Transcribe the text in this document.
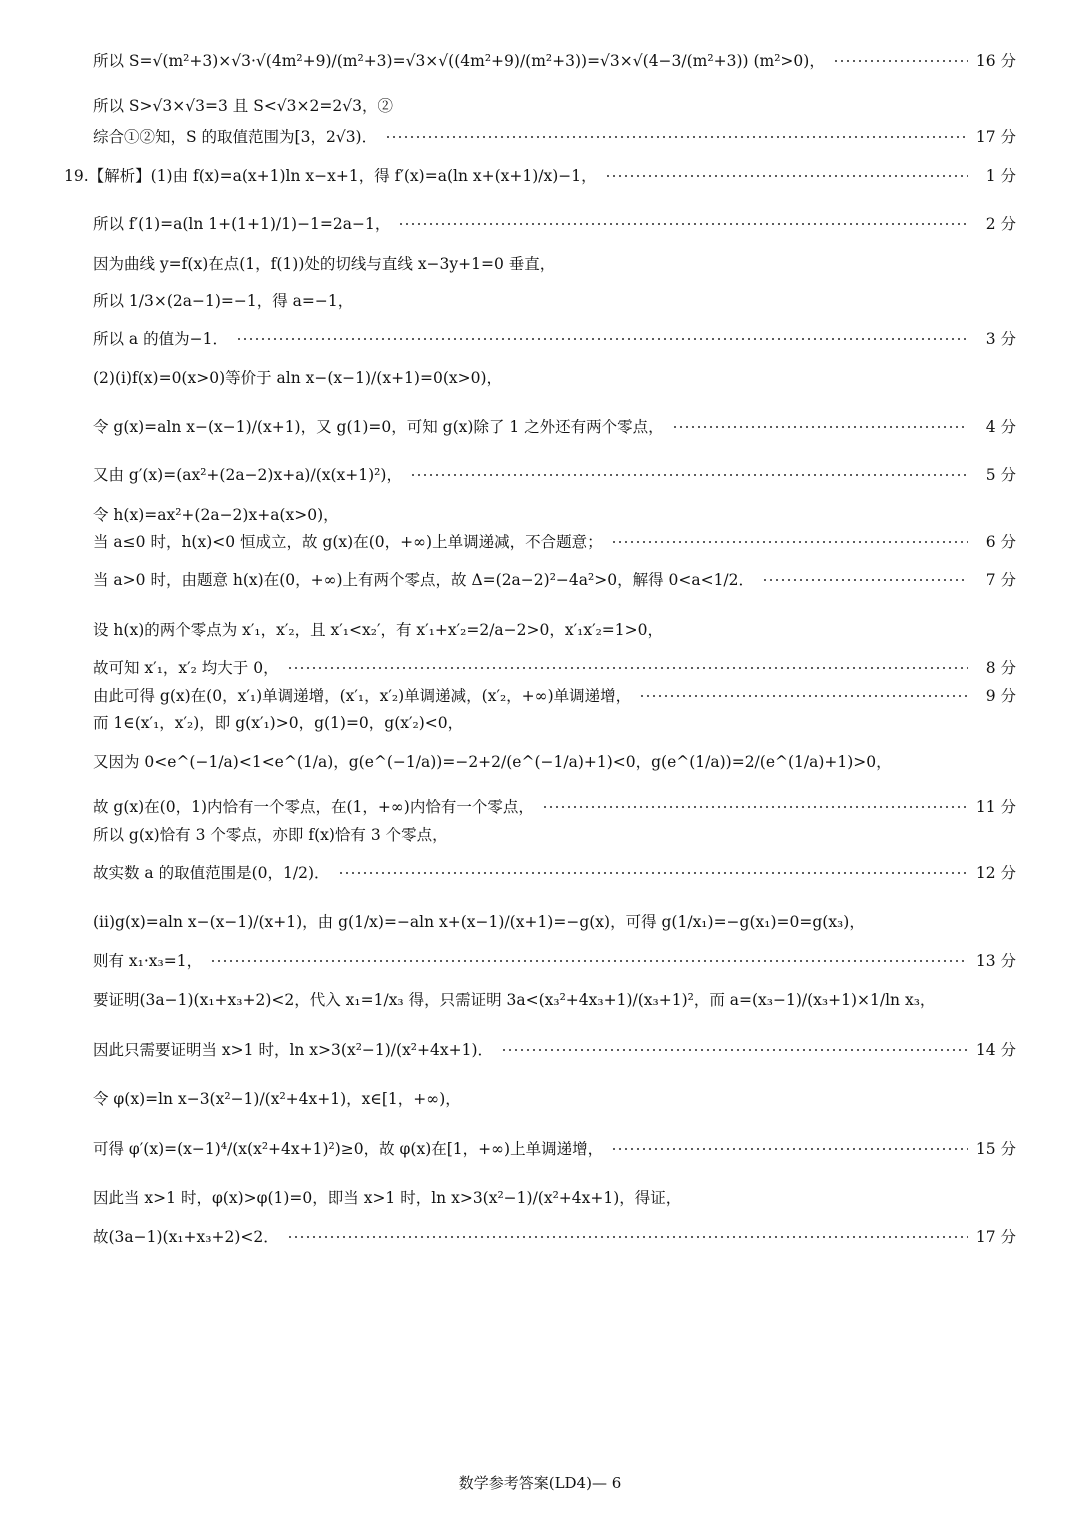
所以 S=√(m²+3)×√3·√(4m²+9)/(m²+3)=√3×√((4m²+9)/(m²+3))=√3×√(4−3/(m²+3)) (m²>0)，	16 分
所以 S>√3×√3=3 且 S<√3×2=2√3，②
综合①②知，S 的取值范围为[3，2√3)．	17 分
19.【解析】(1)由 f(x)=a(x+1)ln x−x+1，得 f′(x)=a(ln x+(x+1)/x)−1，	1 分
所以 f′(1)=a(ln 1+(1+1)/1)−1=2a−1，	2 分
因为曲线 y=f(x)在点(1，f(1))处的切线与直线 x−3y+1=0 垂直，
所以 1/3×(2a−1)=−1，得 a=−1，
所以 a 的值为−1．	3 分
(2)(ⅰ)f(x)=0(x>0)等价于 aln x−(x−1)/(x+1)=0(x>0)，
令 g(x)=aln x−(x−1)/(x+1)，又 g(1)=0，可知 g(x)除了 1 之外还有两个零点，	4 分
又由 g′(x)=(ax²+(2a−2)x+a)/(x(x+1)²)，	5 分
令 h(x)=ax²+(2a−2)x+a(x>0)，
当 a≤0 时，h(x)<0 恒成立，故 g(x)在(0，+∞)上单调递减，不合题意；	6 分
当 a>0 时，由题意 h(x)在(0，+∞)上有两个零点，故 Δ=(2a−2)²−4a²>0，解得 0<a<1/2．	7 分
设 h(x)的两个零点为 x′₁，x′₂，且 x′₁<x₂′，有 x′₁+x′₂=2/a−2>0，x′₁x′₂=1>0，
故可知 x′₁，x′₂ 均大于 0，	8 分
由此可得 g(x)在(0，x′₁)单调递增，(x′₁，x′₂)单调递减，(x′₂，+∞)单调递增，	9 分
而 1∈(x′₁，x′₂)，即 g(x′₁)>0，g(1)=0，g(x′₂)<0，
又因为 0<e^(−1/a)<1<e^(1/a)，g(e^(−1/a))=−2+2/(e^(−1/a)+1)<0，g(e^(1/a))=2/(e^(1/a)+1)>0，
故 g(x)在(0，1)内恰有一个零点，在(1，+∞)内恰有一个零点，	11 分
所以 g(x)恰有 3 个零点，亦即 f(x)恰有 3 个零点，
故实数 a 的取值范围是(0，1/2)．	12 分
(ⅱ)g(x)=aln x−(x−1)/(x+1)，由 g(1/x)=−aln x+(x−1)/(x+1)=−g(x)，可得 g(1/x₁)=−g(x₁)=0=g(x₃)，
则有 x₁·x₃=1，	13 分
要证明(3a−1)(x₁+x₃+2)<2，代入 x₁=1/x₃ 得，只需证明 3a<(x₃²+4x₃+1)/(x₃+1)²，而 a=(x₃−1)/(x₃+1)×1/ln x₃，
因此只需要证明当 x>1 时，ln x>3(x²−1)/(x²+4x+1)．	14 分
令 φ(x)=ln x−3(x²−1)/(x²+4x+1)，x∈[1，+∞)，
可得 φ′(x)=(x−1)⁴/(x(x²+4x+1)²)≥0，故 φ(x)在[1，+∞)上单调递增，	15 分
因此当 x>1 时，φ(x)>φ(1)=0，即当 x>1 时，ln x>3(x²−1)/(x²+4x+1)，得证，
故(3a−1)(x₁+x₃+2)<2．	17 分
数学参考答案(LD4)— 6
